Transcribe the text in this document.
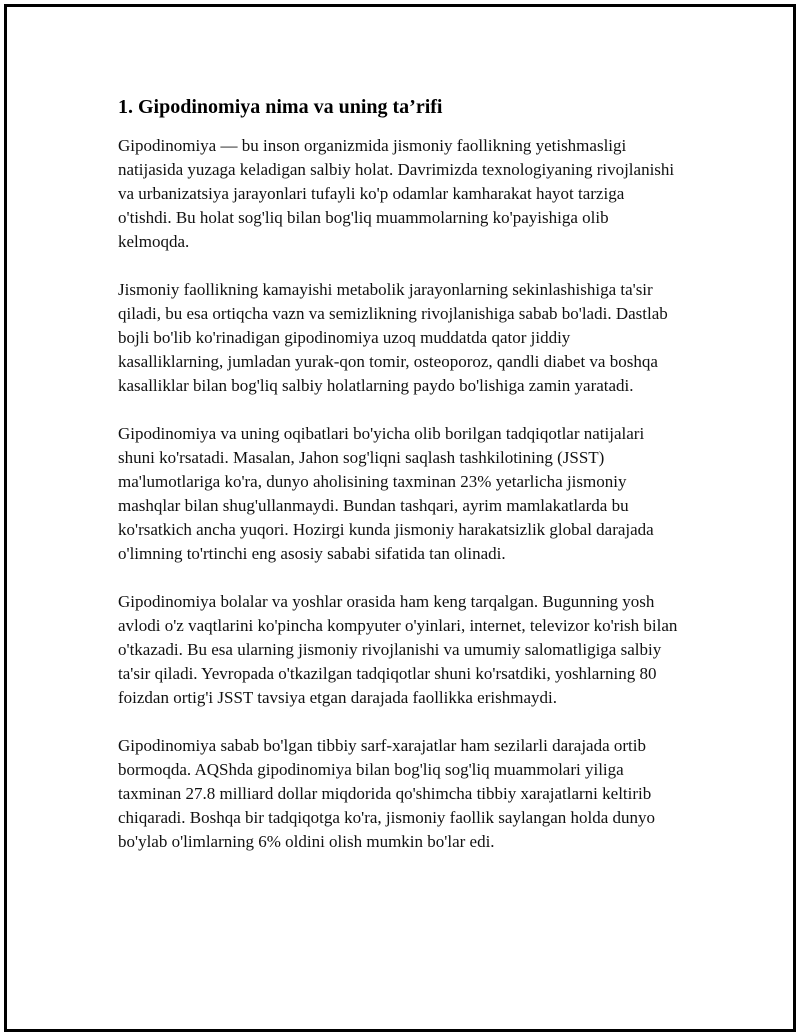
1. Gipodinomiya nima va uning ta’rifi

Gipodinomiya — bu inson organizmida jismoniy faollikning yetishmasligi natijasida yuzaga keladigan salbiy holat. Davrimizda texnologiyaning rivojlanishi va urbanizatsiya jarayonlari tufayli ko'p odamlar kamharakat hayot tarziga o'tishdi. Bu holat sog'liq bilan bog'liq muammolarning ko'payishiga olib kelmoqda.

Jismoniy faollikning kamayishi metabolik jarayonlarning sekinlashishiga ta'sir qiladi, bu esa ortiqcha vazn va semizlikning rivojlanishiga sabab bo'ladi. Dastlab bojli bo'lib ko'rinadigan gipodinomiya uzoq muddatda qator jiddiy kasalliklarning, jumladan yurak-qon tomir, osteoporoz, qandli diabet va boshqa kasalliklar bilan bog'liq salbiy holatlarning paydo bo'lishiga zamin yaratadi.

Gipodinomiya va uning oqibatlari bo'yicha olib borilgan tadqiqotlar natijalari shuni ko'rsatadi. Masalan, Jahon sog'liqni saqlash tashkilotining (JSST) ma'lumotlariga ko'ra, dunyo aholisining taxminan 23% yetarlicha jismoniy mashqlar bilan shug'ullanmaydi. Bundan tashqari, ayrim mamlakatlarda bu ko'rsatkich ancha yuqori. Hozirgi kunda jismoniy harakatsizlik global darajada o'limning to'rtinchi eng asosiy sababi sifatida tan olinadi.

Gipodinomiya bolalar va yoshlar orasida ham keng tarqalgan. Bugunning yosh avlodi o'z vaqtlarini ko'pincha kompyuter o'yinlari, internet, televizor ko'rish bilan o'tkazadi. Bu esa ularning jismoniy rivojlanishi va umumiy salomatligiga salbiy ta'sir qiladi. Yevropada o'tkazilgan tadqiqotlar shuni ko'rsatdiki, yoshlarning 80 foizdan ortig'i JSST tavsiya etgan darajada faollikka erishmaydi.

Gipodinomiya sabab bo'lgan tibbiy sarf-xarajatlar ham sezilarli darajada ortib bormoqda. AQShda gipodinomiya bilan bog'liq sog'liq muammolari yiliga taxminan 27.8 milliard dollar miqdorida qo'shimcha tibbiy xarajatlarni keltirib chiqaradi. Boshqa bir tadqiqotga ko'ra, jismoniy faollik saylangan holda dunyo bo'ylab o'limlarning 6% oldini olish mumkin bo'lar edi.
